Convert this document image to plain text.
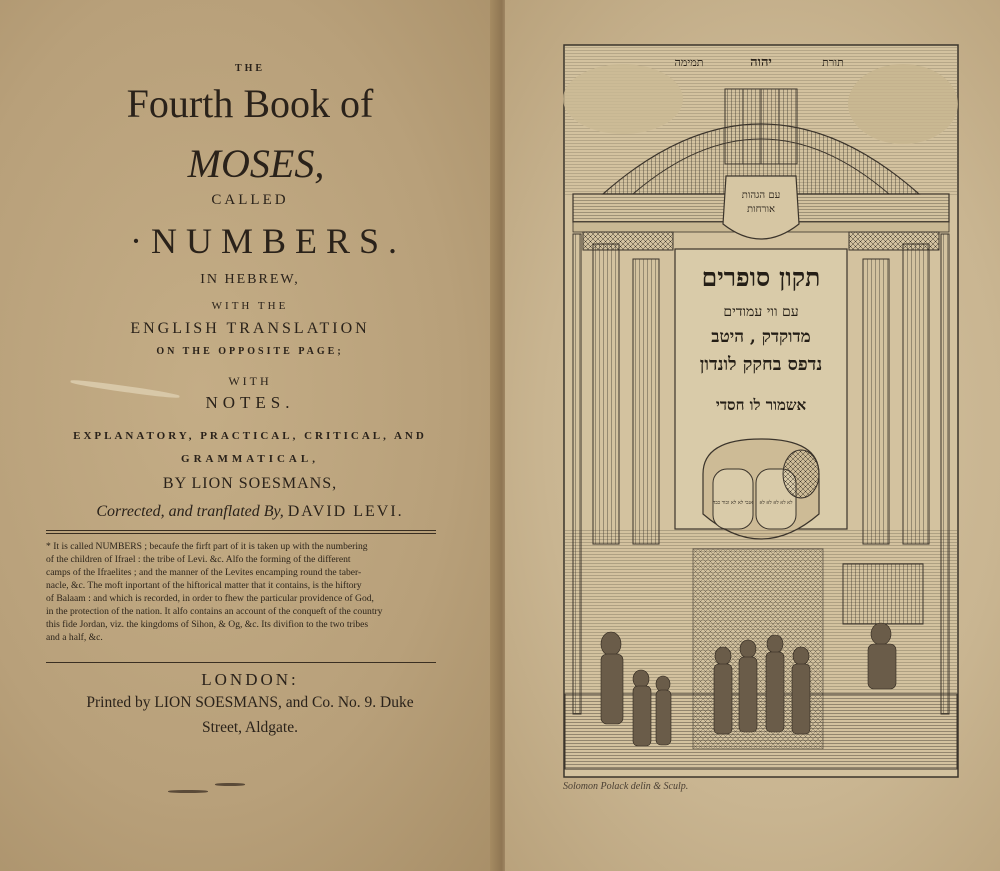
THE
Fourth Book of
MOSES,
CALLED
·NUMBERS.
IN HEBREW,
WITH THE
ENGLISH TRANSLATION
ON THE OPPOSITE PAGE;
WITH
NOTES.
EXPLANATORY, PRACTICAL, CRITICAL, AND
GRAMMATICAL,
BY LION SOESMANS,
Corrected, and tranflated By, DAVID LEVI.
* It is called NUMBERS ; becaufe the firft part of it is taken up with the numbering
of the children of Ifrael : the tribe of Levi. &c. Alfo the forming of the different
camps of the Ifraelites ; and the manner of the Levites encamping round the taber-
nacle, &c. The moft inportant of the hiftorical matter that it contains, is the hiftory
of Balaam : and which is recorded, in order to fhew the particular providence of God,
in the protection of the nation. It alfo contains an account of the conqueft of the country
this fide Jordan, viz. the kingdoms of Sihon, & Og, &c. Its divifion to the two tribes
and a half, &c.
LONDON:
Printed by LION SOESMANS, and Co. No. 9. Duke
Street, Aldgate.
יהוה	תורת
תמימה
עם הגהות
אורחות
תקון סופרים
עם ווי עמודים
מדוקדק , היטב
נדפס בחקק לונדון
אשמור לו חסדי
אנכי לא לא זכור כבד לא לא לא לא לא
Solomon Polack delin & Sculp.
